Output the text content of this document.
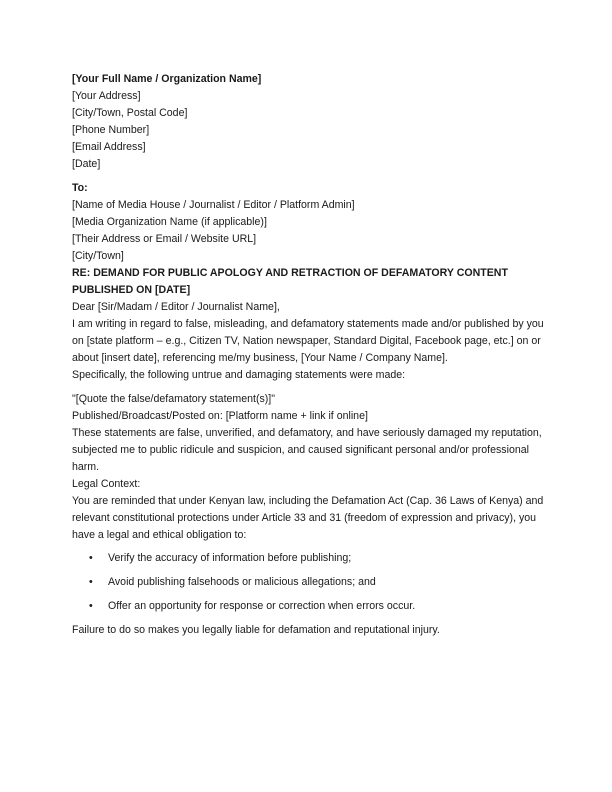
[Your Full Name / Organization Name]
[Your Address]
[City/Town, Postal Code]
[Phone Number]
[Email Address]
[Date]
To:
[Name of Media House / Journalist / Editor / Platform Admin]
[Media Organization Name (if applicable)]
[Their Address or Email / Website URL]
[City/Town]

RE: DEMAND FOR PUBLIC APOLOGY AND RETRACTION OF DEFAMATORY CONTENT PUBLISHED ON [DATE]

Dear [Sir/Madam / Editor / Journalist Name],

I am writing in regard to false, misleading, and defamatory statements made and/or published by you on [state platform – e.g., Citizen TV, Nation newspaper, Standard Digital, Facebook page, etc.] on or about [insert date], referencing me/my business, [Your Name / Company Name].

Specifically, the following untrue and damaging statements were made:

"[Quote the false/defamatory statement(s)]"
Published/Broadcast/Posted on: [Platform name + link if online]

These statements are false, unverified, and defamatory, and have seriously damaged my reputation, subjected me to public ridicule and suspicion, and caused significant personal and/or professional harm.

Legal Context:

You are reminded that under Kenyan law, including the Defamation Act (Cap. 36 Laws of Kenya) and relevant constitutional protections under Article 33 and 31 (freedom of expression and privacy), you have a legal and ethical obligation to:

•	Verify the accuracy of information before publishing;
•	Avoid publishing falsehoods or malicious allegations; and
•	Offer an opportunity for response or correction when errors occur.

Failure to do so makes you legally liable for defamation and reputational injury.
